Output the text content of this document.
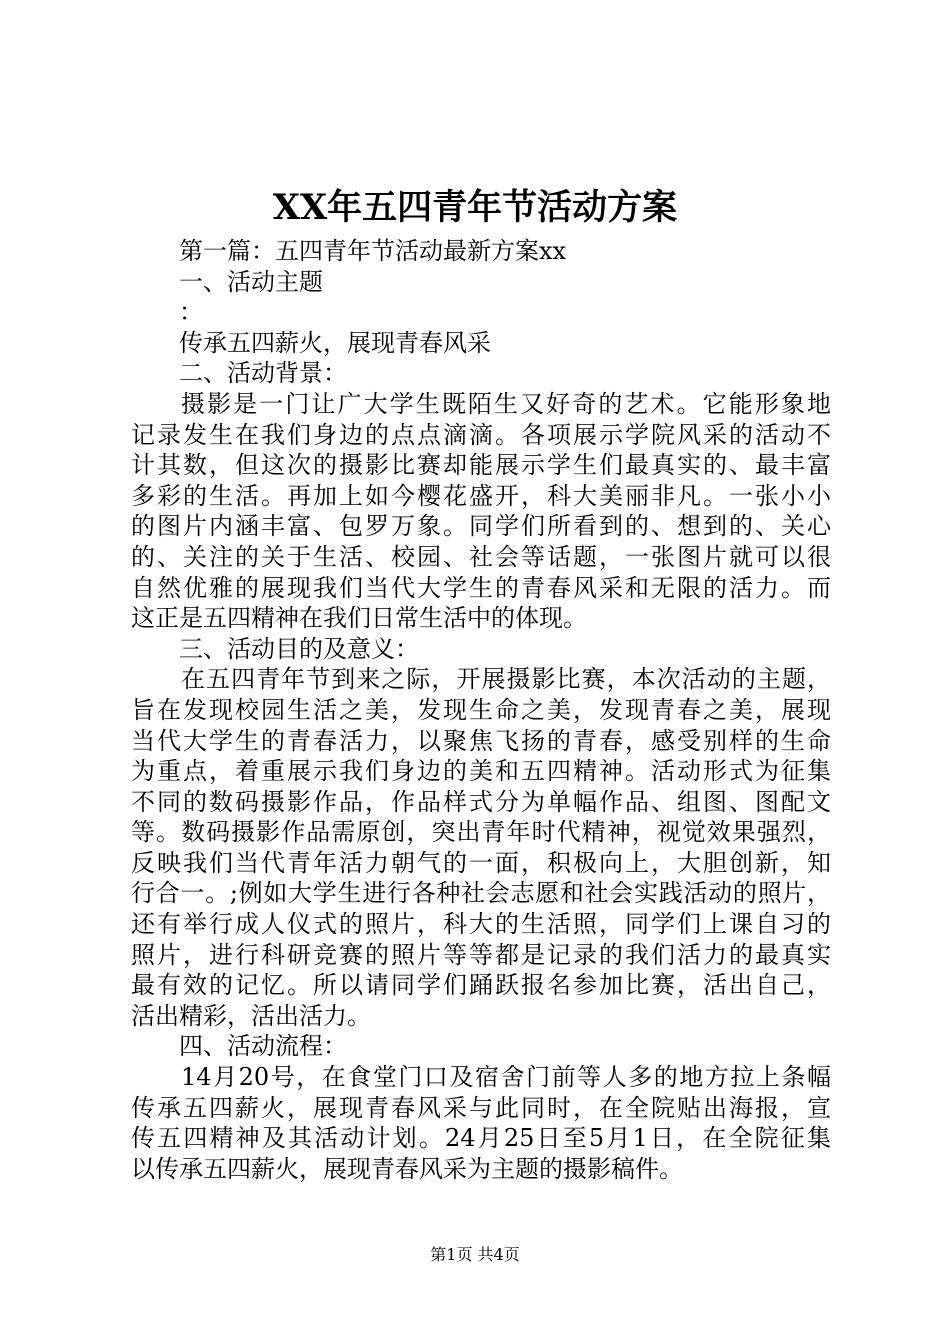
XX年五四青年节活动方案
第一篇：五四青年节活动最新方案xx
一、活动主题
：
传承五四薪火，展现青春风采
二、活动背景：
摄影是一门让广大学生既陌生又好奇的艺术。它能形象地
记录发生在我们身边的点点滴滴。各项展示学院风采的活动不
计其数，但这次的摄影比赛却能展示学生们最真实的、最丰富
多彩的生活。再加上如今樱花盛开，科大美丽非凡。一张小小
的图片内涵丰富、包罗万象。同学们所看到的、想到的、关心
的、关注的关于生活、校园、社会等话题，一张图片就可以很
自然优雅的展现我们当代大学生的青春风采和无限的活力。而
这正是五四精神在我们日常生活中的体现。
三、活动目的及意义：
在五四青年节到来之际，开展摄影比赛，本次活动的主题，
旨在发现校园生活之美，发现生命之美，发现青春之美，展现
当代大学生的青春活力，以聚焦飞扬的青春，感受别样的生命
为重点，着重展示我们身边的美和五四精神。活动形式为征集
不同的数码摄影作品，作品样式分为单幅作品、组图、图配文
等。数码摄影作品需原创，突出青年时代精神，视觉效果强烈，
反映我们当代青年活力朝气的一面，积极向上，大胆创新，知
行合一。;例如大学生进行各种社会志愿和社会实践活动的照片，
还有举行成人仪式的照片，科大的生活照，同学们上课自习的
照片，进行科研竞赛的照片等等都是记录的我们活力的最真实
最有效的记忆。所以请同学们踊跃报名参加比赛，活出自己，
活出精彩，活出活力。
四、活动流程：
14月20号，在食堂门口及宿舍门前等人多的地方拉上条幅
传承五四薪火，展现青春风采与此同时，在全院贴出海报，宣
传五四精神及其活动计划。24月25日至5月1日，在全院征集
以传承五四薪火，展现青春风采为主题的摄影稿件。
第1页 共4页
